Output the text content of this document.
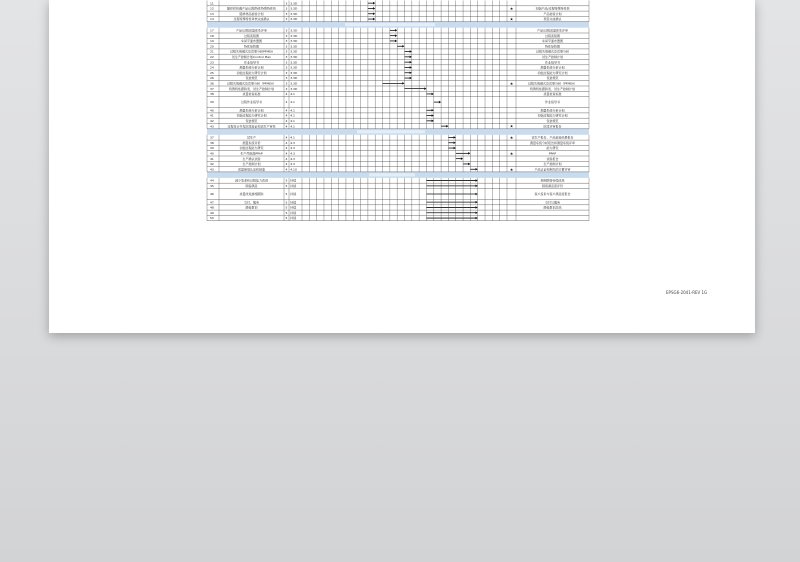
11	3 3.3D
12	随样样核确产品/过程特性特殊特性核	3 3.3D	★	初始产品/过程特殊特性核
13	随样样品检验计划	3 3.3D	产品检验计划
14	过程特殊特性审核完成确认	3 3.3D	★	项目完成确认
17	产品/过程质量体系评审	3 3.3D	产品/过程质量体系评审
18	过程流程图	3 3.3D	过程流程图
19	车间平面布置图	3 3.3D	车间平面布置图
20	特性矩阵图	3 3.3D	特性矩阵图
21	过程失效模式及后果分析PFMEA	3 3.3D	过程失效模式及后果分析
22	试生产控制计划Control Plan	3 3.3D	试生产控制计划
23	作业指导书	3 3.3D	作业指导书
24	测量系统分析计划	3 3.3D	测量系统分析计划
25	初始过程能力研究计划	3 3.3D	初始过程能力研究计划
26	包装规范	3 3.3D	包装规范
36	过程失效模式及后果分析（PFMEA）	3 3.3D	★	过程失效模式及后果分析（PFMEA）
37	特殊特性跟踪表、试生产控制计划	3 3.3D	特殊特性跟踪表、试生产控制计划
38	质量检查标准	4 4.1	质量检查标准
39	过程作业指导书	4 4.1	作业指导书
40	测量系统分析计划	4 4.1	测量系统分析计划
41	初始过程能力研究计划	4 4.1	初始过程能力研究计划
42	包装规范	4 4.1	包装规范
43	过程设计开发阶段验证和试生产审核	4 4.1	★	阶段评审报告
37	试生产	4 4.1	★	试生产报告、产品检验结果报告
38	测量系统评价	4 4.3	测量系统分析报告和测量系统评审
39	初始过程能力研究	4 4.3	能力研究
40	生产件批准PPAP	4 4.3	★	PPAP
41	生产确认试验	4 4.3	试验报告
42	生产控制计划	4 4.3	生产控制计划
43	质量策划认定和批准	4 4.10	★	产品认证和相关的主要评审
44	减少变差和过程能力改进	5 持续	控制图等持续改进
45	顾客满意	5 持续	顾客满意度评价
46	质量改进措施跟踪	5 持续	客户投诉与客户满意度报告
47	交付、服务	5 持续	交付与服务
48	经验教训	5 持续	经验教训总结
49	5 持续
50	5 持续
EPSG6-2041-REV 1G
